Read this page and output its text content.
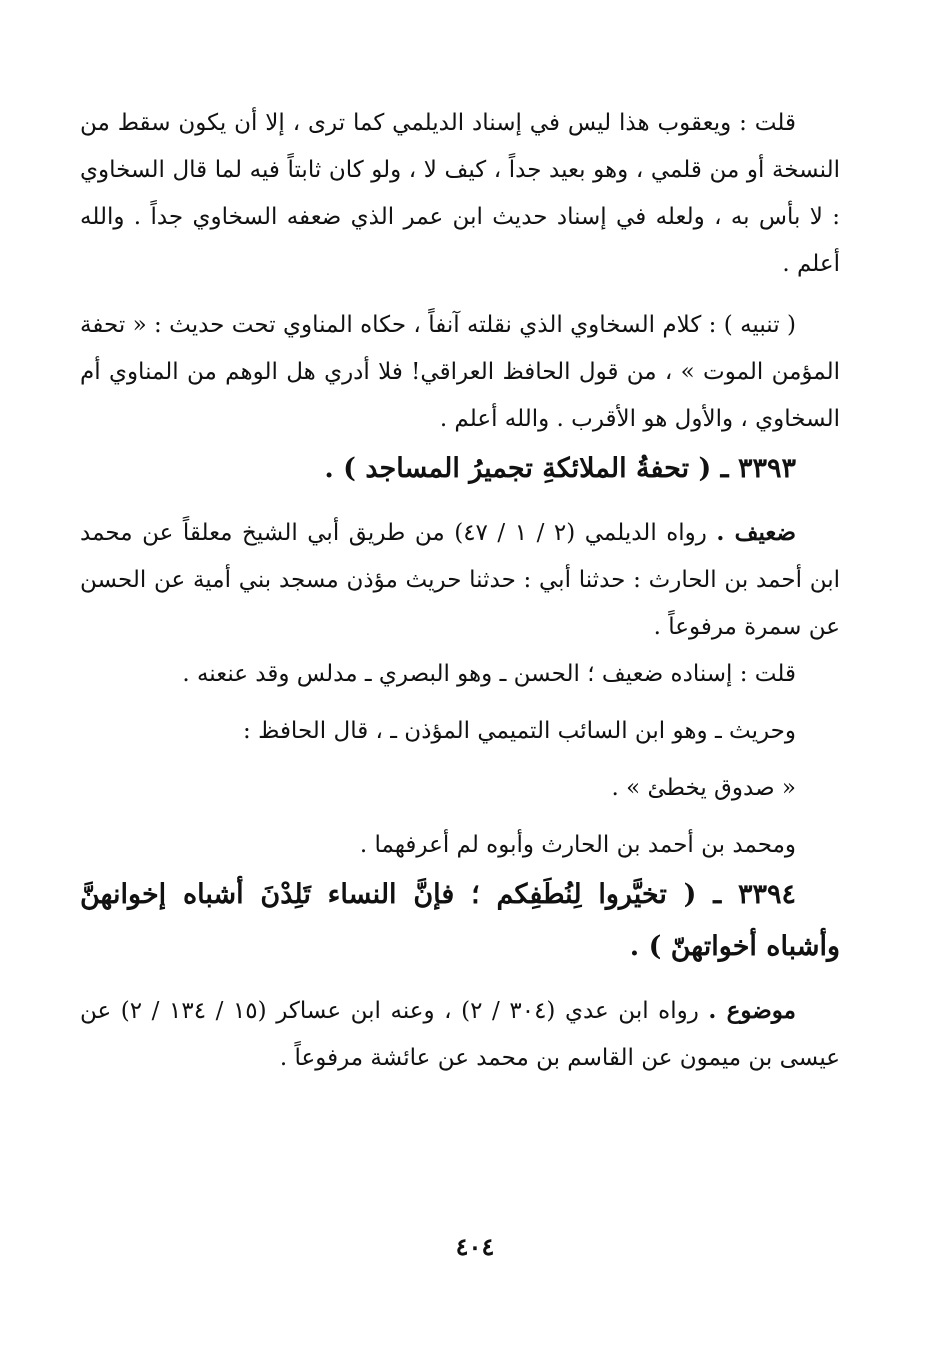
قلت : ويعقوب هذا ليس في إسناد الديلمي كما ترى ، إلا أن يكون سقط من النسخة أو من قلمي ، وهو بعيد جداً ، كيف لا ، ولو كان ثابتاً فيه لما قال السخاوي : لا بأس به ، ولعله في إسناد حديث ابن عمر الذي ضعفه السخاوي جداً . والله أعلم .

( تنبيه ) : كلام السخاوي الذي نقلته آنفاً ، حكاه المناوي تحت حديث : « تحفة المؤمن الموت » ، من قول الحافظ العراقي! فلا أدري هل الوهم من المناوي أم السخاوي ، والأول هو الأقرب . والله أعلم .

٣٣٩٣ ـ ( تحفةُ الملائكةِ تجميرُ المساجد ) .

ضعيف . رواه الديلمي (٢ / ١ / ٤٧) من طريق أبي الشيخ معلقاً عن محمد ابن أحمد بن الحارث : حدثنا أبي : حدثنا حريث مؤذن مسجد بني أمية عن الحسن عن سمرة مرفوعاً .

قلت : إسناده ضعيف ؛ الحسن ـ وهو البصري ـ مدلس وقد عنعنه .

وحريث ـ وهو ابن السائب التميمي المؤذن ـ ، قال الحافظ :

« صدوق يخطئ » .

ومحمد بن أحمد بن الحارث وأبوه لم أعرفهما .

٣٣٩٤ ـ ( تخيَّروا لِنُطَفِكم ؛ فإنَّ النساء تَلِدْنَ أشباه إخوانهنَّ وأشباه أخواتهنّ ) .

موضوع . رواه ابن عدي (٣٠٤ / ٢) ، وعنه ابن عساكر (١٥ / ١٣٤ / ٢) عن عيسى بن ميمون عن القاسم بن محمد عن عائشة مرفوعاً .

٤٠٤
